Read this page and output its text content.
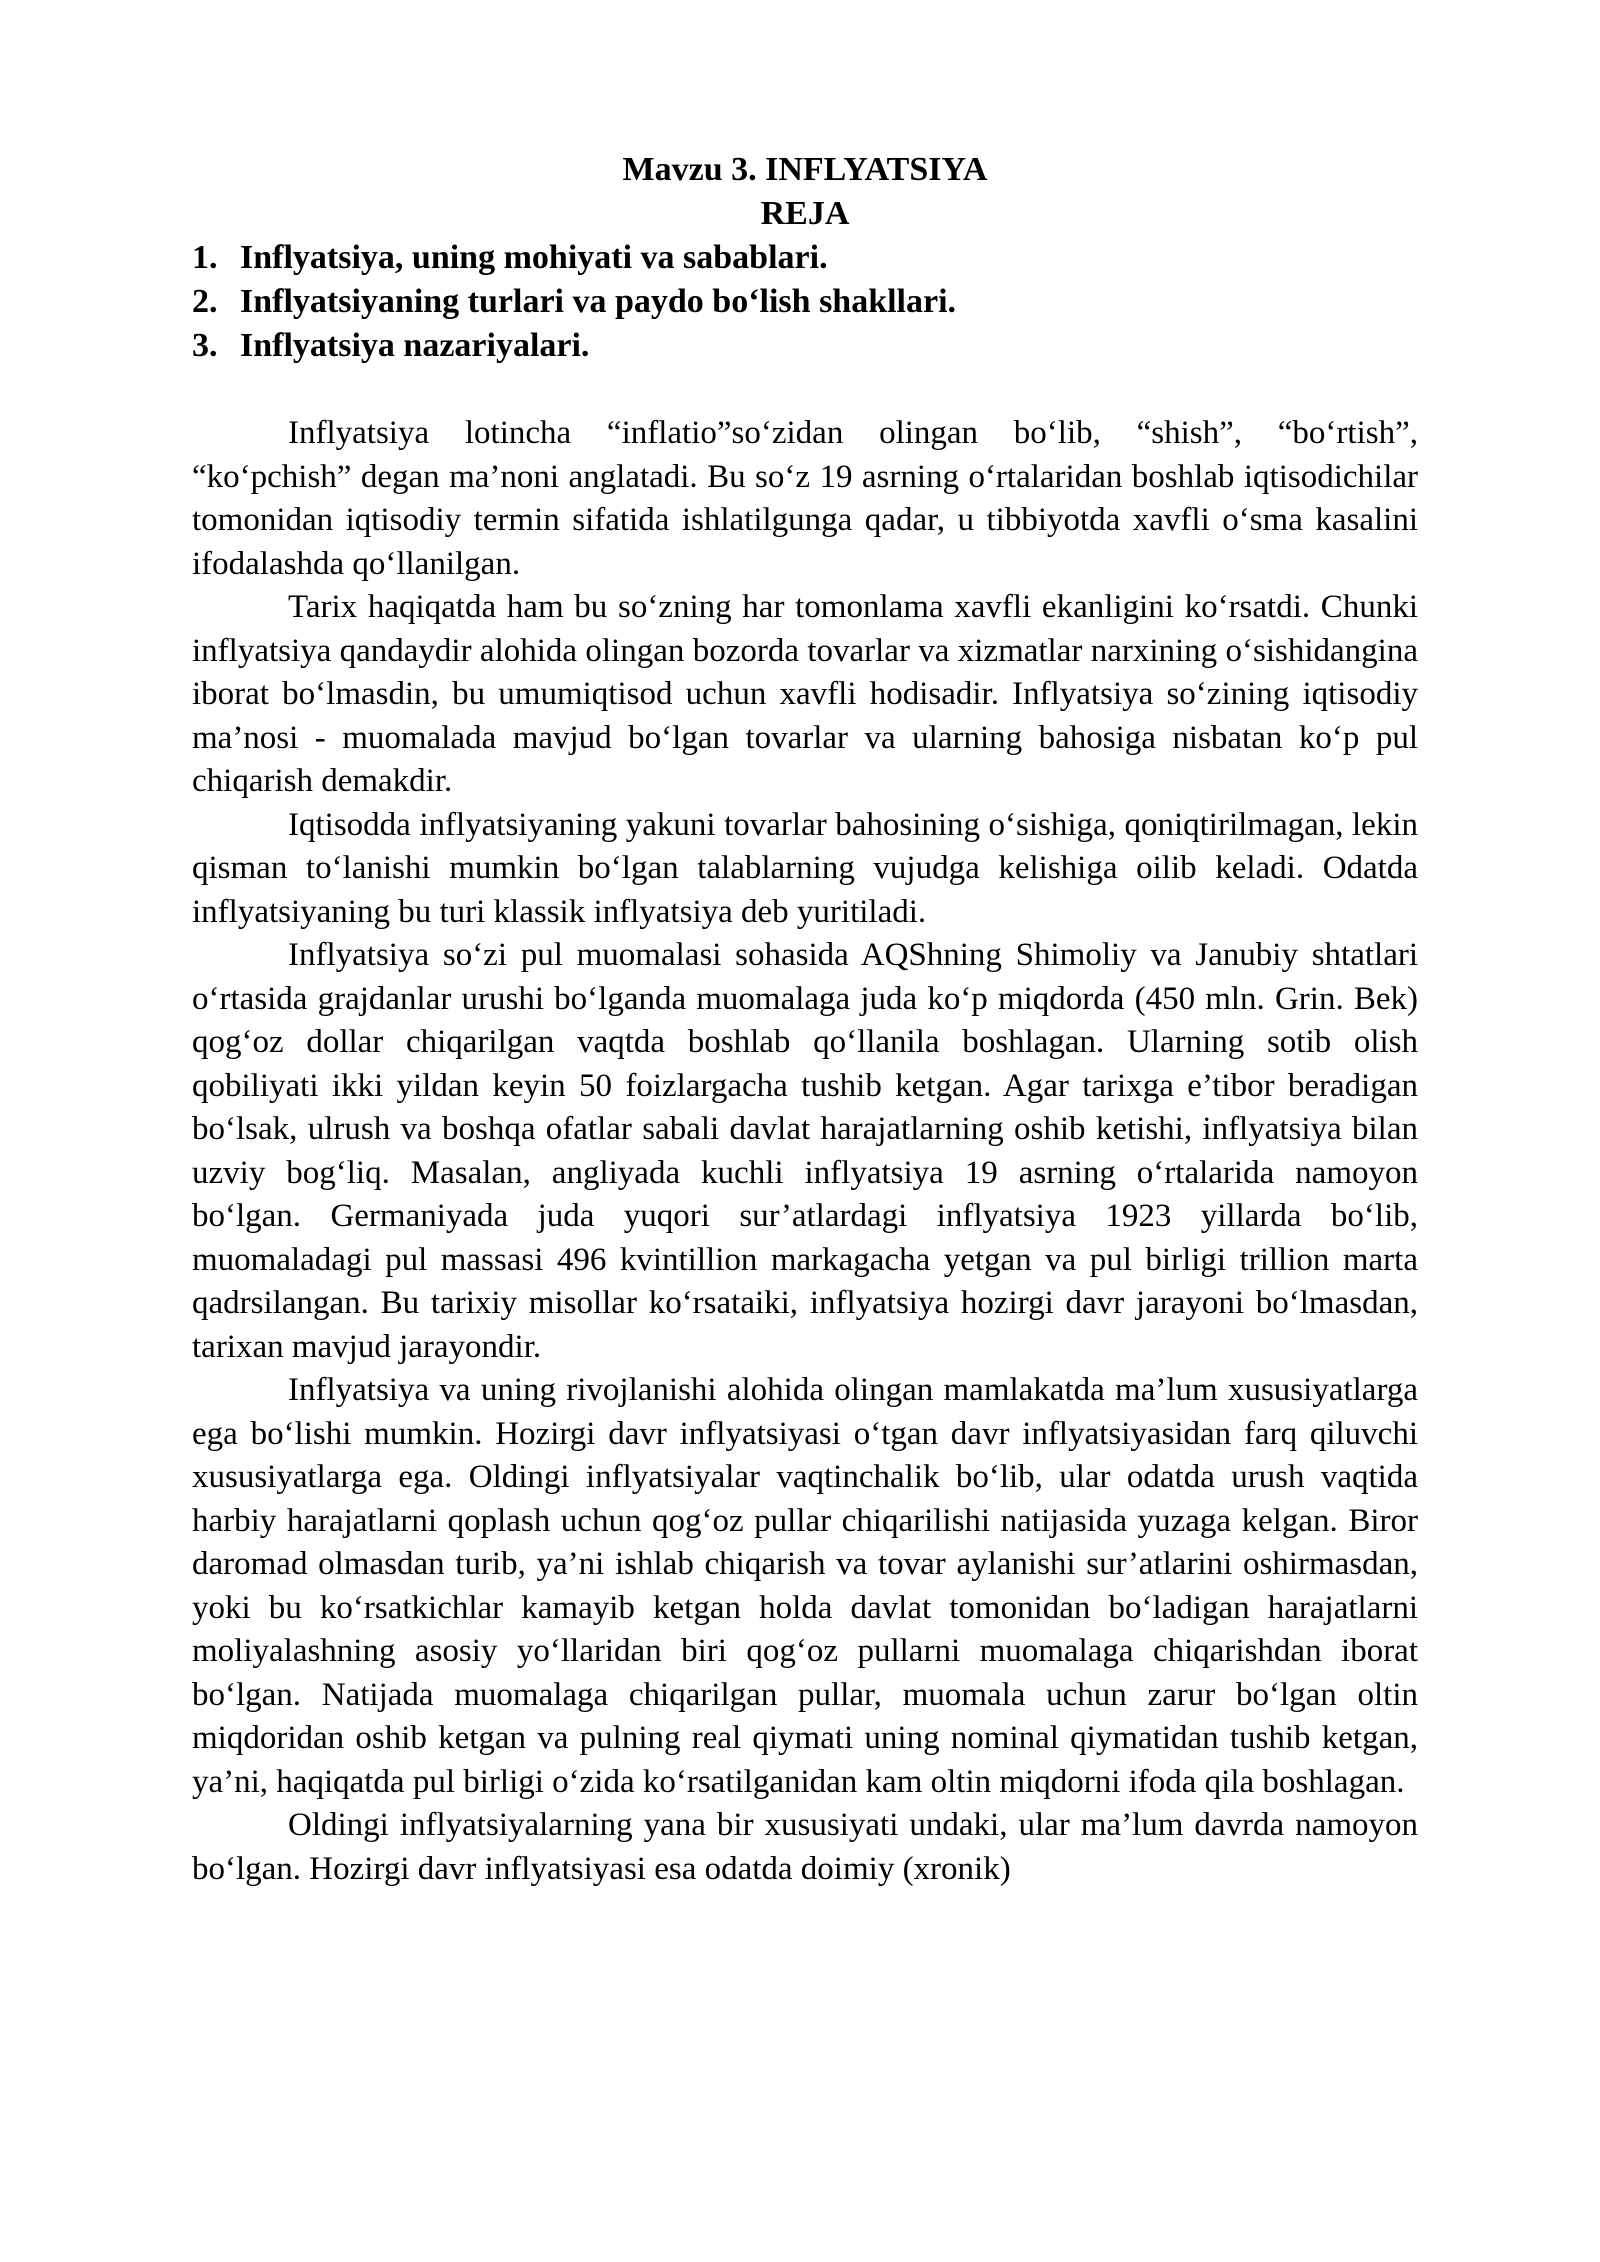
Mavzu 3. INFLYATSIYA
REJA
1. Inflyatsiya, uning mohiyati va sabablari.
2. Inflyatsiyaning turlari va paydo boʻlish shakllari.
3. Inflyatsiya nazariyalari.

Inflyatsiya lotincha “inflatio”soʻzidan olingan boʻlib, “shish”, “boʻrtish”, “koʻpchish” degan ma’noni anglatadi. Bu soʻz 19 asrning oʻrtalaridan boshlab iqtisodichilar tomonidan iqtisodiy termin sifatida ishlatilgunga qadar, u tibbiyotda xavfli oʻsma kasalini ifodalashda qoʻllanilgan.

Tarix haqiqatda ham bu soʻzning har tomonlama xavfli ekanligini koʻrsatdi. Chunki inflyatsiya qandaydir alohida olingan bozorda tovarlar va xizmatlar narxining oʻsishidangina iborat boʻlmasdin, bu umumiqtisod uchun xavfli hodisadir. Inflyatsiya soʻzining iqtisodiy ma’nosi - muomalada mavjud boʻlgan tovarlar va ularning bahosiga nisbatan koʻp pul chiqarish demakdir.

Iqtisodda inflyatsiyaning yakuni tovarlar bahosining oʻsishiga, qoniqtirilmagan, lekin qisman toʻlanishi mumkin boʻlgan talablarning vujudga kelishiga oilib keladi. Odatda inflyatsiyaning bu turi klassik inflyatsiya deb yuritiladi.

Inflyatsiya soʻzi pul muomalasi sohasida AQShning Shimoliy va Janubiy shtatlari oʻrtasida grajdanlar urushi boʻlganda muomalaga juda koʻp miqdorda (450 mln. Grin. Bek) qogʻoz dollar chiqarilgan vaqtda boshlab qoʻllanila boshlagan. Ularning sotib olish qobiliyati ikki yildan keyin 50 foizlargacha tushib ketgan. Agar tarixga e’tibor beradigan boʻlsak, ulrush va boshqa ofatlar sabali davlat harajatlarning oshib ketishi, inflyatsiya bilan uzviy bogʻliq. Masalan, angliyada kuchli inflyatsiya 19 asrning oʻrtalarida namoyon boʻlgan. Germaniyada juda yuqori sur’atlardagi inflyatsiya 1923 yillarda boʻlib, muomaladagi pul massasi 496 kvintillion markagacha yetgan va pul birligi trillion marta qadrsilangan. Bu tarixiy misollar koʻrsataiki, inflyatsiya hozirgi davr jarayoni boʻlmasdan, tarixan mavjud jarayondir.

Inflyatsiya va uning rivojlanishi alohida olingan mamlakatda ma’lum xususiyatlarga ega boʻlishi mumkin. Hozirgi davr inflyatsiyasi oʻtgan davr inflyatsiyasidan farq qiluvchi xususiyatlarga ega. Oldingi inflyatsiyalar vaqtinchalik boʻlib, ular odatda urush vaqtida harbiy harajatlarni qoplash uchun qogʻoz pullar chiqarilishi natijasida yuzaga kelgan. Biror daromad olmasdan turib, ya’ni ishlab chiqarish va tovar aylanishi sur’atlarini oshirmasdan, yoki bu koʻrsatkichlar kamayib ketgan holda davlat tomonidan boʻladigan harajatlarni moliyalashning asosiy yoʻllaridan biri qogʻoz pullarni muomalaga chiqarishdan iborat boʻlgan. Natijada muomalaga chiqarilgan pullar, muomala uchun zarur boʻlgan oltin miqdoridan oshib ketgan va pulning real qiymati uning nominal qiymatidan tushib ketgan, ya’ni, haqiqatda pul birligi oʻzida koʻrsatilganidan kam oltin miqdorni ifoda qila boshlagan.

Oldingi inflyatsiyalarning yana bir xususiyati undaki, ular ma’lum davrda namoyon boʻlgan. Hozirgi davr inflyatsiyasi esa odatda doimiy (xronik)
